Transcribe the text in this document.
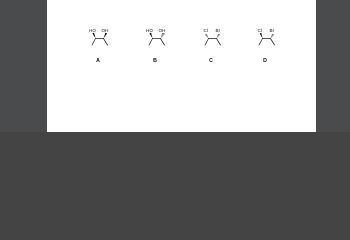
HO OH
A
HO OH
B
Cl Br
C
Cl Br
D
